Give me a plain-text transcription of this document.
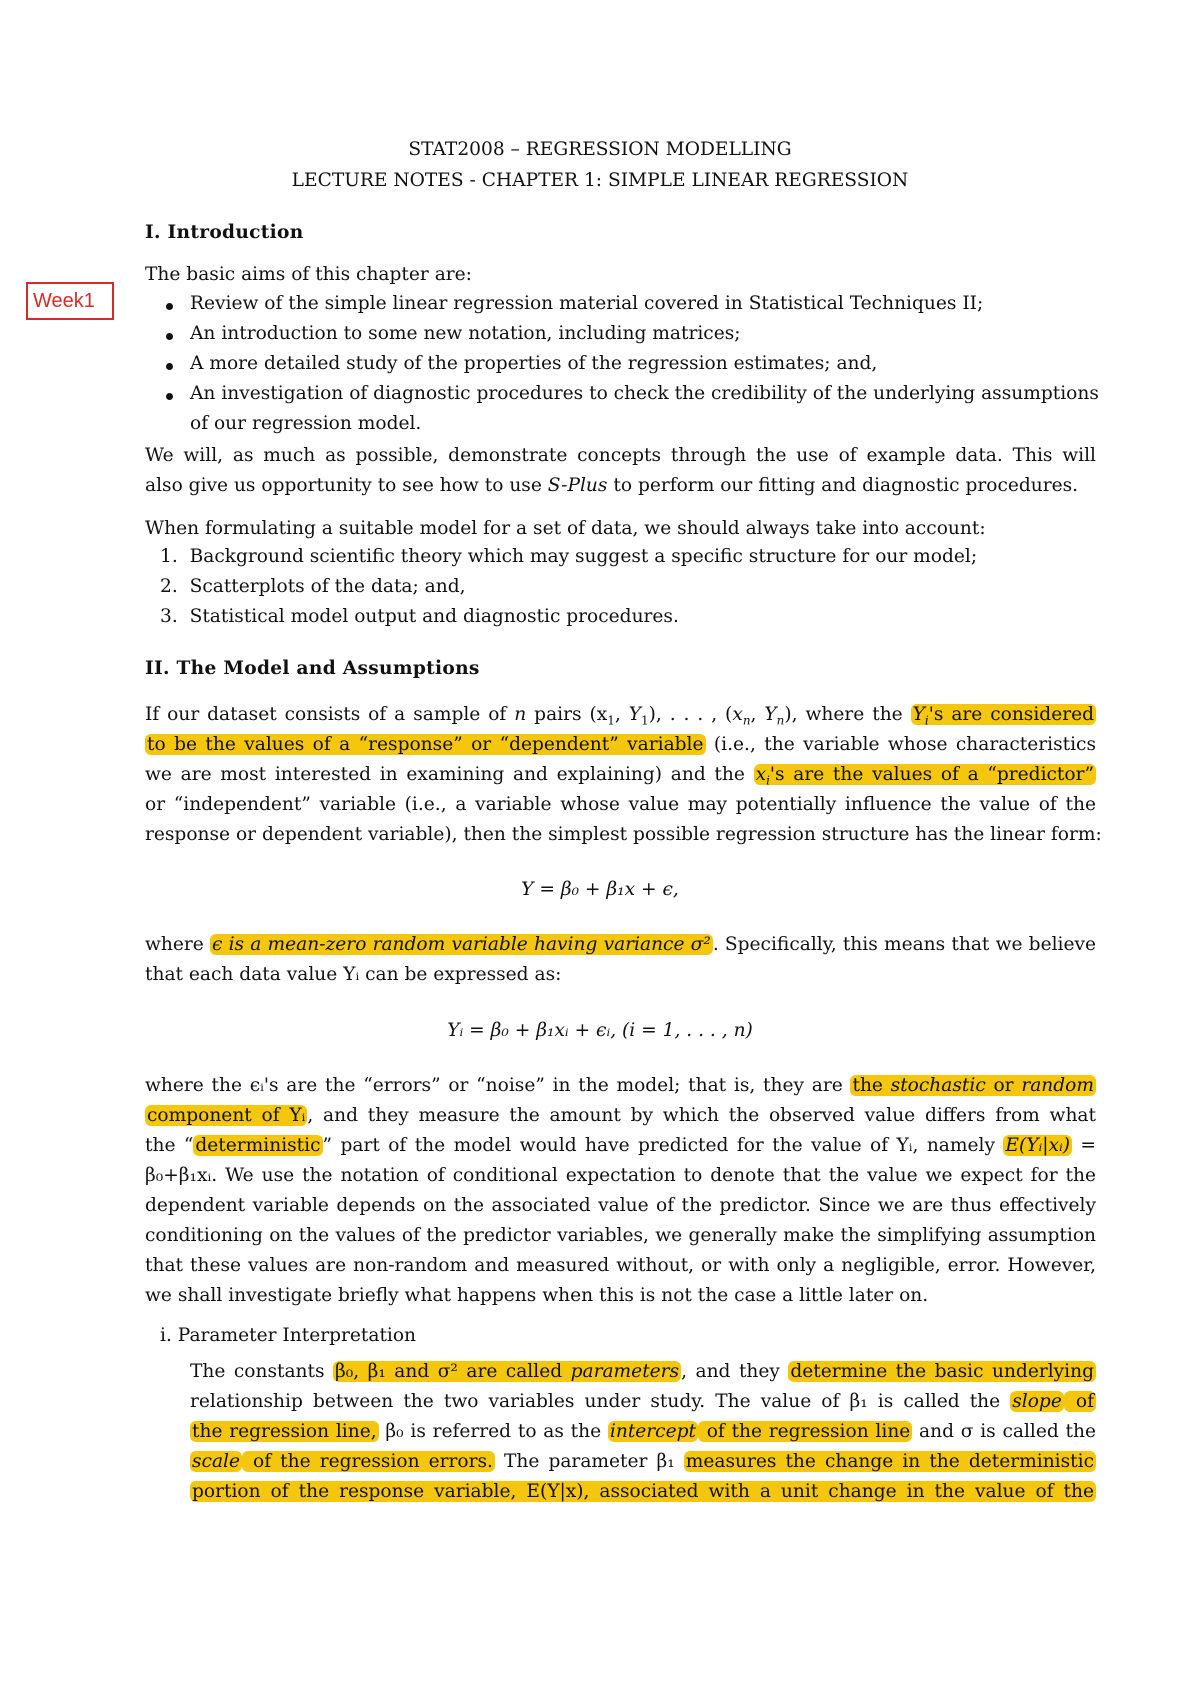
STAT2008 – REGRESSION MODELLING
LECTURE NOTES - CHAPTER 1: SIMPLE LINEAR REGRESSION
Week1
I. Introduction
The basic aims of this chapter are:
Review of the simple linear regression material covered in Statistical Techniques II;
An introduction to some new notation, including matrices;
A more detailed study of the properties of the regression estimates; and,
An investigation of diagnostic procedures to check the credibility of the underlying assumptions
of our regression model.
We will, as much as possible, demonstrate concepts through the use of example data. This will
also give us opportunity to see how to use S-Plus to perform our fitting and diagnostic procedures.
When formulating a suitable model for a set of data, we should always take into account:
1. Background scientific theory which may suggest a specific structure for our model;
2. Scatterplots of the data; and,
3. Statistical model output and diagnostic procedures.
II. The Model and Assumptions
If our dataset consists of a sample of n pairs ($x_1$, $Y_1$), . . . , ($x_n$, $Y_n$), where the $Y_i's$ are considered
to be the values of a “response” or “dependent” variable (i.e., the variable whose characteristics
we are most interested in examining and explaining) and the $x_i's$ are the values of a “predictor”
or “independent” variable (i.e., a variable whose value may potentially influence the value of the
response or dependent variable), then the simplest possible regression structure has the linear form:
Y = β₀ + β₁x + ϵ,
where ϵ is a mean-zero random variable having variance σ² . Specifically, this means that we believe
that each data value Yᵢ can be expressed as:
Yᵢ = β₀ + β₁xᵢ + ϵᵢ, (i = 1, . . . , n)
where the ϵᵢ's are the “errors” or “noise” in the model; that is, they are the stochastic or random
component of Yᵢ , and they measure the amount by which the observed value differs from what
the “ deterministic ” part of the model would have predicted for the value of Yᵢ, namely E(Yᵢ|xᵢ) =
β₀+β₁xᵢ. We use the notation of conditional expectation to denote that the value we expect for the
dependent variable depends on the associated value of the predictor. Since we are thus effectively
conditioning on the values of the predictor variables, we generally make the simplifying assumption
that these values are non-random and measured without, or with only a negligible, error. However,
we shall investigate briefly what happens when this is not the case a little later on.
i. Parameter Interpretation
The constants β₀, β₁ and σ² are called parameters , and they determine the basic underlying
relationship between the two variables under study. The value of β₁ is called the slope of
the regression line, β₀ is referred to as the intercept of the regression line and σ is called the
scale of the regression errors. The parameter β₁ measures the change in the deterministic
portion of the response variable, E(Y|x), associated with a unit change in the value of the
